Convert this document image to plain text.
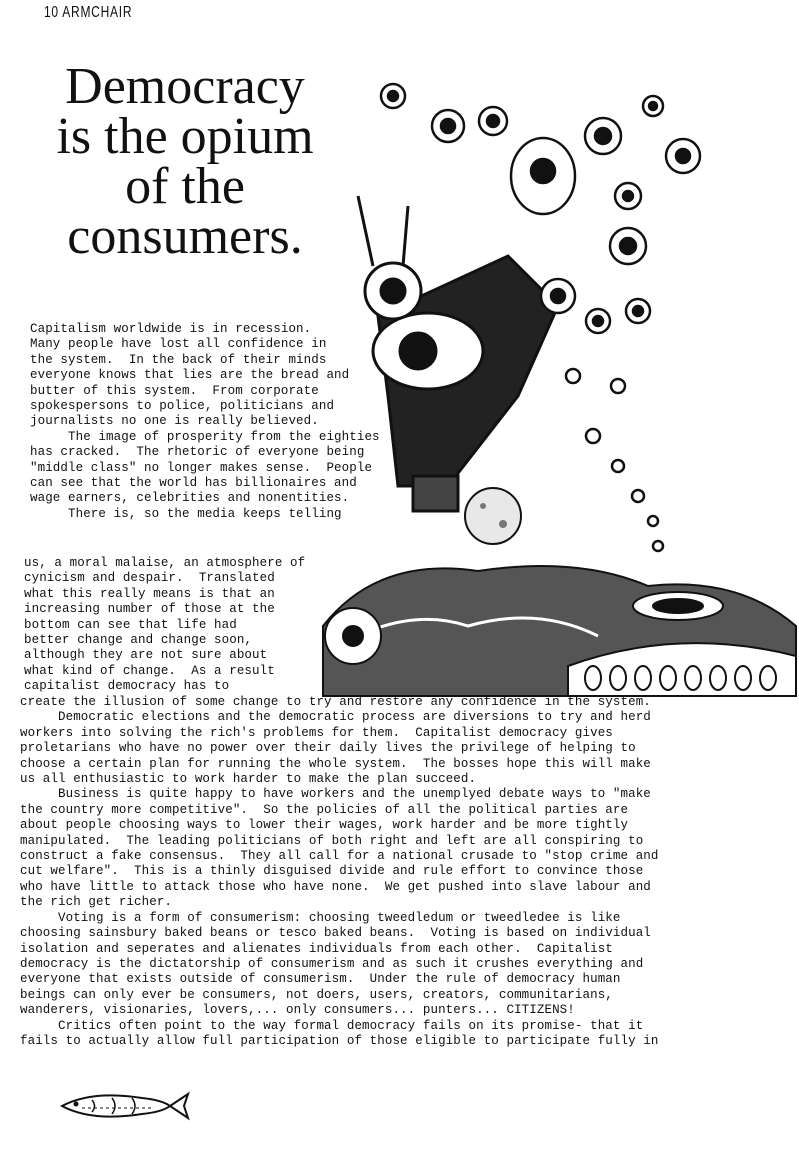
10 ARMCHAIR
Democracy
is the opium
of the
consumers.

Capitalism worldwide is in recession.

Many people have lost all confidence in

the system.  In the back of their minds

everyone knows that lies are the bread and

butter of this system.  From corporate

spokespersons to police, politicians and

journalists no one is really believed.

The image of prosperity from the eighties

has cracked.  The rhetoric of everyone being

"middle class" no longer makes sense.  People

can see that the world has billionaires and

wage earners, celebrities and nonentities.

There is, so the media keeps telling

us, a moral malaise, an atmosphere of

cynicism and despair.  Translated

what this really means is that an

increasing number of those at the

bottom can see that life had

better change and change soon,

although they are not sure about

what kind of change.  As a result

capitalist democracy has to

create the illusion of some change to try and restore any confidence in the system.

Democratic elections and the democratic process are diversions to try and herd

workers into solving the rich's problems for them.  Capitalist democracy gives

proletarians who have no power over their daily lives the privilege of helping to

choose a certain plan for running the whole system.  The bosses hope this will make

us all enthusiastic to work harder to make the plan succeed.

Business is quite happy to have workers and the unemplyed debate ways to "make

the country more competitive".  So the policies of all the political parties are

about people choosing ways to lower their wages, work harder and be more tightly

manipulated.  The leading politicians of both right and left are all conspiring to

construct a fake consensus.  They all call for a national crusade to "stop crime and

cut welfare".  This is a thinly disguised divide and rule effort to convince those

who have little to attack those who have none.  We get pushed into slave labour and

the rich get richer.

Voting is a form of consumerism: choosing tweedledum or tweedledee is like

choosing sainsbury baked beans or tesco baked beans.  Voting is based on individual

isolation and seperates and alienates individuals from each other.  Capitalist

democracy is the dictatorship of consumerism and as such it crushes everything and

everyone that exists outside of consumerism.  Under the rule of democracy human

beings can only ever be consumers, not doers, users, creators, communitarians,

wanderers, visionaries, lovers,... only consumers... punters... CITIZENS!

Critics often point to the way formal democracy fails on its promise- that it

fails to actually allow full participation of those eligible to participate fully in
